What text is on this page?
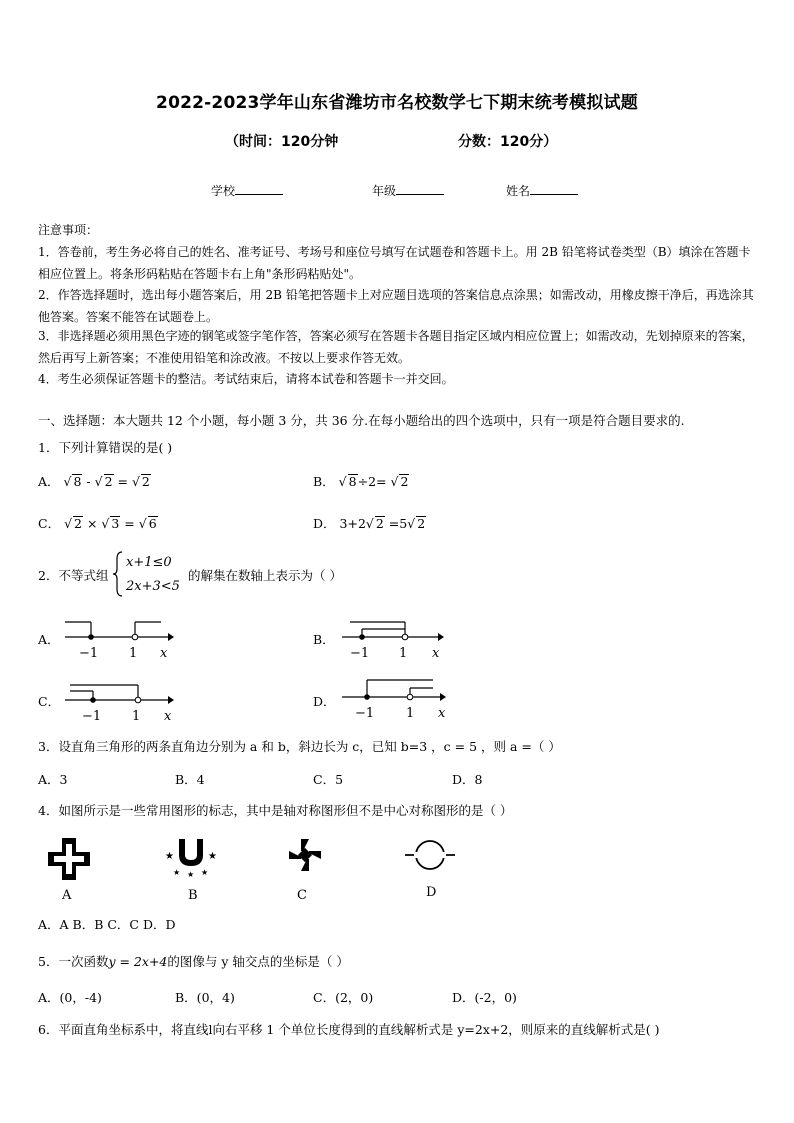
2022-2023学年山东省潍坊市名校数学七下期末统考模拟试题
（时间：120分钟	分数：120分）
学校	年级	姓名
注意事项：
1．答卷前，考生务必将自己的姓名、准考证号、考场号和座位号填写在试题卷和答题卡上。用 2B 铅笔将试卷类型（B）填涂在答题卡相应位置上。将条形码粘贴在答题卡右上角"条形码粘贴处"。
2．作答选择题时，选出每小题答案后，用 2B 铅笔把答题卡上对应题目选项的答案信息点涂黑；如需改动，用橡皮擦干净后，再选涂其他答案。答案不能答在试题卷上。
3．非选择题必须用黑色字迹的钢笔或签字笔作答，答案必须写在答题卡各题目指定区域内相应位置上；如需改动，先划掉原来的答案，然后再写上新答案；不准使用铅笔和涂改液。不按以上要求作答无效。
4．考生必须保证答题卡的整洁。考试结束后，请将本试卷和答题卡一并交回。
一、选择题：本大题共 12 个小题，每小题 3 分，共 36 分.在每小题给出的四个选项中，只有一项是符合题目要求的.
1．下列计算错误的是( )
A． √ 8 - √ 2 = √ 2	B． √ 8÷2= √ 2
C． √ 2 × √ 3 = √ 6	D． 3+2√ 2 =5√ 2
2．不等式组
x+1≤0
2x+3<5
的解集在数轴上表示为（ ）
A．
−1 1 x
B．
−1 1 x
C．
−1 1 x
D．
−1 1 x
3．设直角三角形的两条直角边分别为 a 和 b，斜边长为 c，已知 b=3 ，c = 5 ，则 a =（ ）
A．3	B．4	C．5	D．8
4．如图所示是一些常用图形的标志，其中是轴对称图形但不是中心对称图形的是（ ）
A
★	★
★ ★ ★
B	C	D
A．A B．B C．C D．D
5．一次函数y = 2x+4的图像与 y 轴交点的坐标是（ ）
A．(0，-4)	B．(0，4)	C．(2，0)	D．(-2，0)
6．平面直角坐标系中，将直线l向右平移 1 个单位长度得到的直线解析式是 y=2x+2，则原来的直线解析式是( )
